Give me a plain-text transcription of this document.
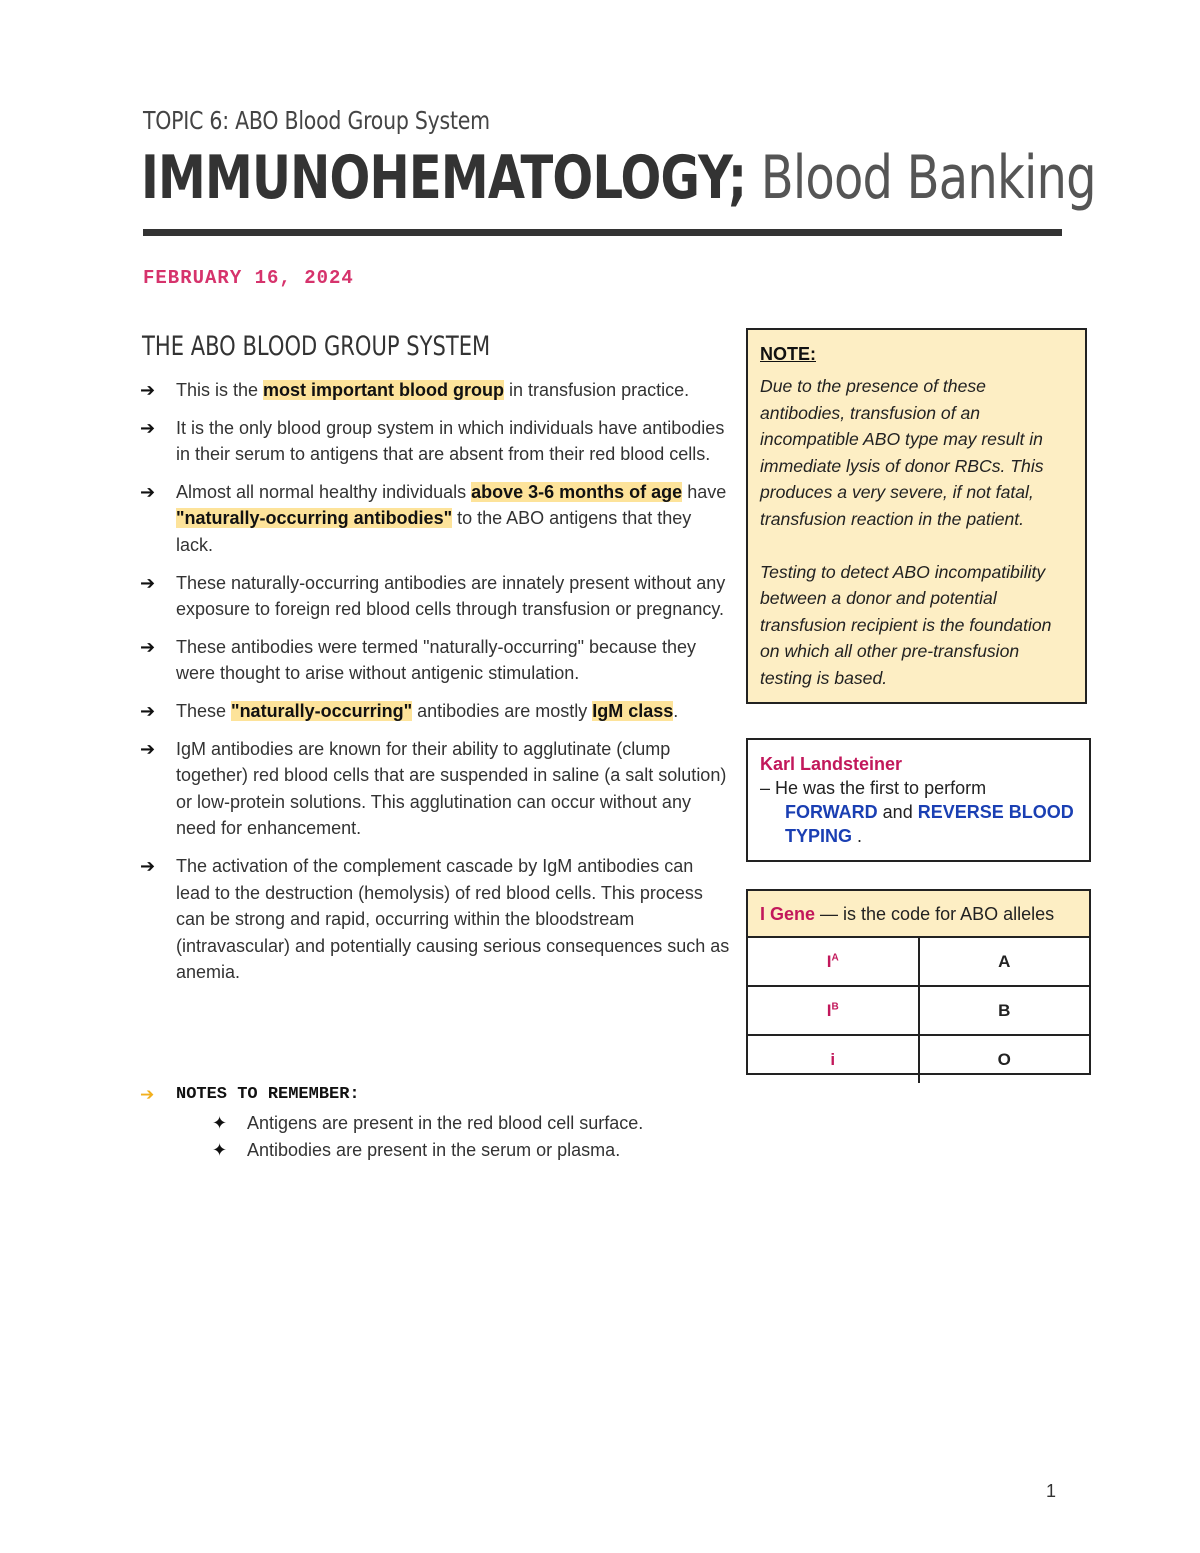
TOPIC 6: ABO Blood Group System
IMMUNOHEMATOLOGY; Blood Banking
FEBRUARY 16, 2024
THE ABO BLOOD GROUP SYSTEM
➔ This is the most important blood group in transfusion practice.
➔ It is the only blood group system in which individuals have antibodies in their serum to antigens that are absent from their red blood cells.
➔ Almost all normal healthy individuals above 3-6 months of age have "naturally-occurring antibodies" to the ABO antigens that they lack.
➔ These naturally-occurring antibodies are innately present without any exposure to foreign red blood cells through transfusion or pregnancy.
➔ These antibodies were termed "naturally-occurring" because they were thought to arise without antigenic stimulation.
➔ These "naturally-occurring" antibodies are mostly IgM class.
➔ IgM antibodies are known for their ability to agglutinate (clump together) red blood cells that are suspended in saline (a salt solution) or low-protein solutions. This agglutination can occur without any need for enhancement.
➔ The activation of the complement cascade by IgM antibodies can lead to the destruction (hemolysis) of red blood cells. This process can be strong and rapid, occurring within the bloodstream (intravascular) and potentially causing serious consequences such as anemia.
➔ NOTES TO REMEMBER:
✦ Antigens are present in the red blood cell surface.
✦ Antibodies are present in the serum or plasma.
NOTE:

Due to the presence of these antibodies, transfusion of an incompatible ABO type may result in immediate lysis of donor RBCs. This produces a very severe, if not fatal, transfusion reaction in the patient.

Testing to detect ABO incompatibility between a donor and potential transfusion recipient is the foundation on which all other pre-transfusion testing is based.

Karl Landsteiner
– He was the first to perform
FORWARD and REVERSE BLOOD TYPING .
I Gene — is the code for ABO alleles
$I^A$	A
$I^B$	B
i	O
1
